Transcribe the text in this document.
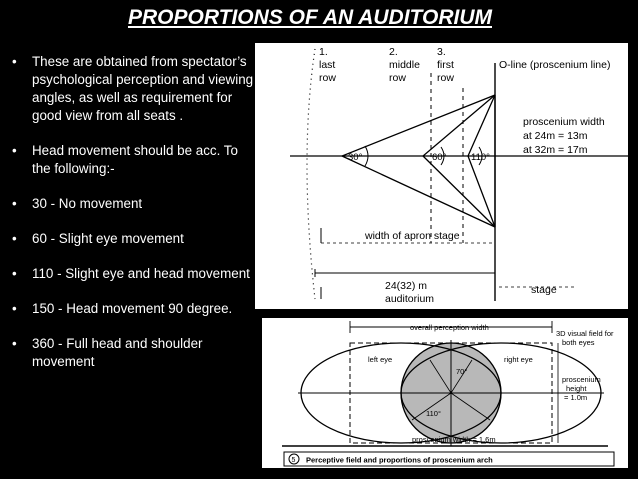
PROPORTIONS OF AN AUDITORIUM
• These are obtained from spectator’s psychological perception and viewing angles, as well as requirement for good view from all seats .
• Head movement should be acc. To the following:-
• 30 - No movement
• 60 - Slight eye movement
• 110 - Slight eye and head movement
• 150 - Head movement 90 degree.
• 360 - Full head and shoulder movement
1.
last
row
2.
middle
row
3.
first
row
O-line (proscenium line)
proscenium width
at 24m = 13m
at 32m = 17m
width of apron stage
24(32) m
auditorium
stage
30°	60°	110°
overall perception width
3D visual field for
both eyes
left eye	right eye
70°
110°
proscenium
height
= 1.0m
proscenium width = 1.6m
5 Perceptive field and proportions of proscenium arch
